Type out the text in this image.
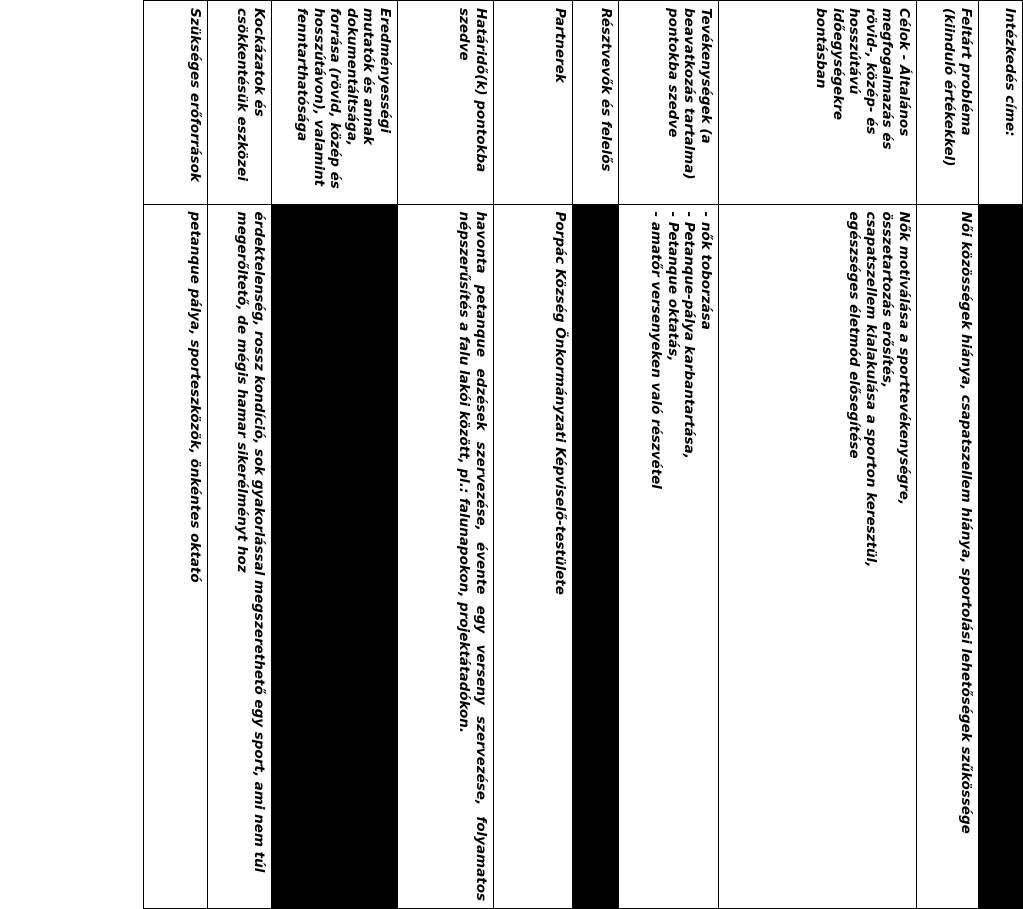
Intézkedés címe:	
Feltárt probléma (kiinduló értékekkel)	Női közösségek hiánya, csapatszellem hiánya, sportolási lehetőségek szűkössége
Célok - Általános megfogalmazás és rövid-, közép- és hosszútávú időegységekre bontásban	Nők motiválása a sporttevékenységre,
összetartozás erősítés,
csapatszellem kialakulása a sporton keresztül,
egészséges életmód elősegítése

Tevékenységek (a beavatkozás tartalma) pontokba szedve	- nők toborzása
- Petanque-pálya karbantartása,
- Petanque oktatás,
- amatőr versenyeken való részvétel

Résztvevők és felelős	
Partnerek	Porpác Község Önkormányzati Képviselő-testülete
Határidő(k) pontokba szedve	havonta petanque edzések szervezése, évente egy verseny szervezése, folyamatos népszerűsítés a falu lakói között, pl.: falunapokon, projektátadókon.
Eredményességi mutatók és annak dokumentáltsága, forrása (rövid, közép és hosszútávon), valamint fenntarthatósága	
Kockázatok és csökkentésük eszközei	érdektelenség, rossz kondíció, sok gyakorlással megszerethető egy sport, ami nem túl megerőltető, de mégis hamar sikerélményt hoz
Szükséges erőforrások	petanque pálya, sporteszközök, önkéntes oktató
